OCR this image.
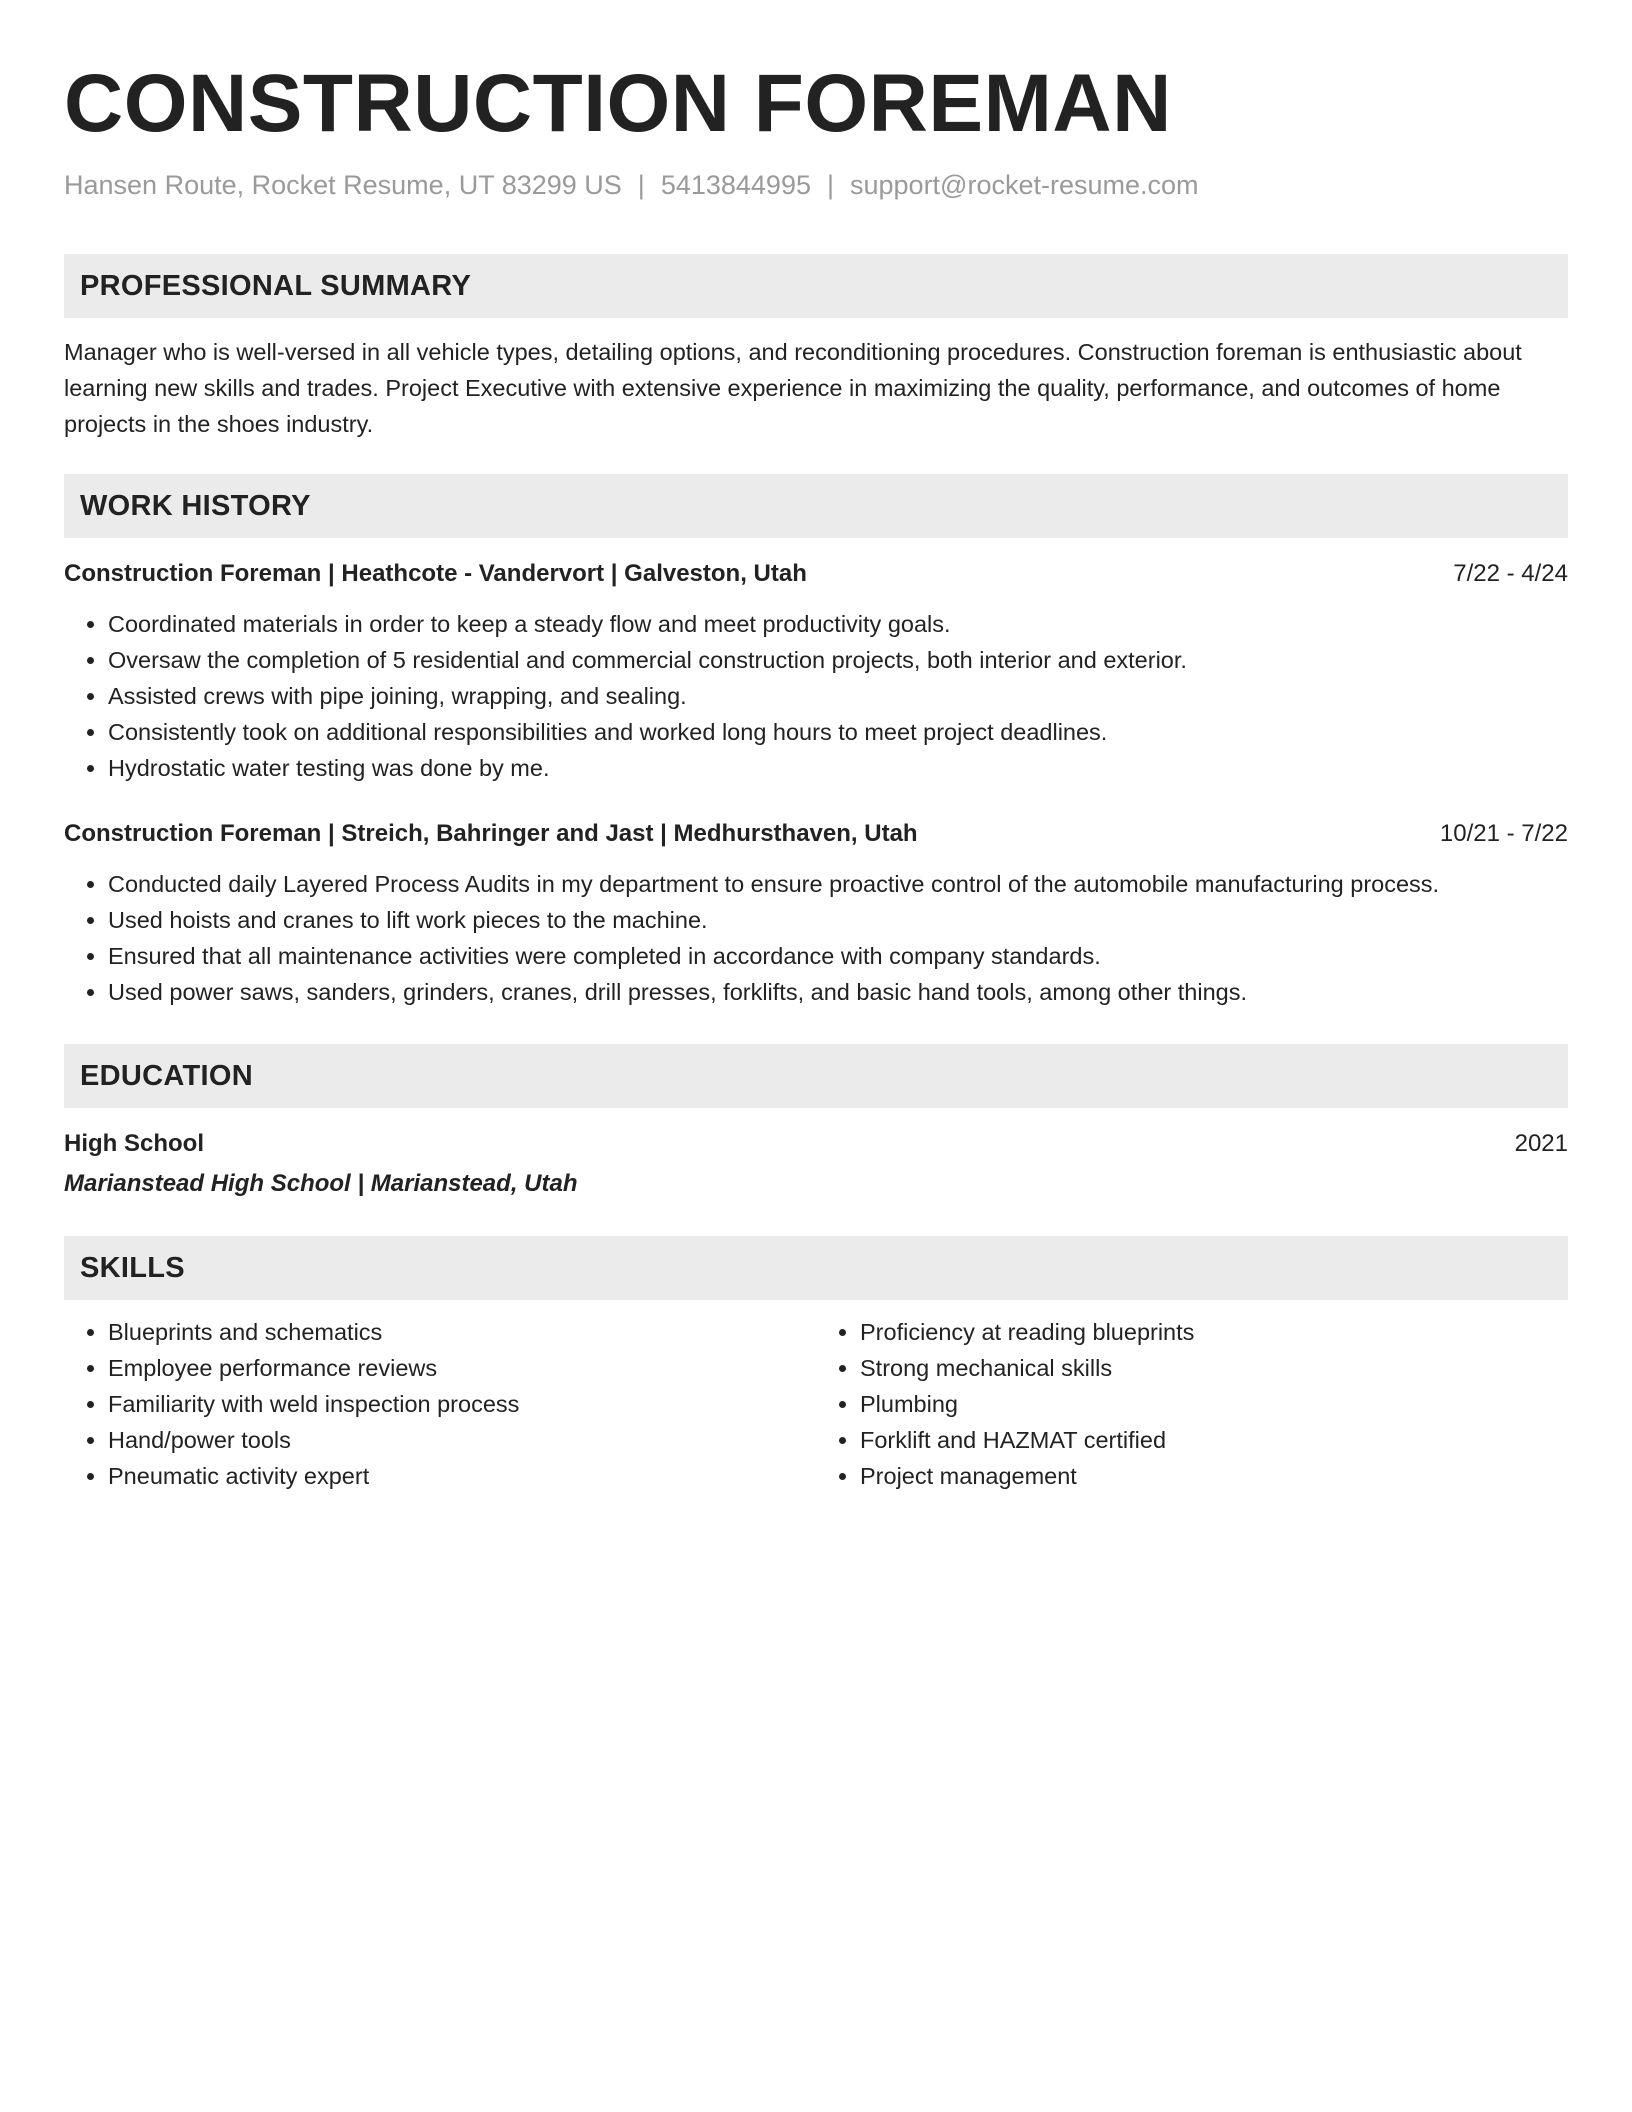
CONSTRUCTION FOREMAN
Hansen Route, Rocket Resume, UT 83299 US | 5413844995 | support@rocket-resume.com
PROFESSIONAL SUMMARY
Manager who is well-versed in all vehicle types, detailing options, and reconditioning procedures. Construction foreman is enthusiastic about learning new skills and trades. Project Executive with extensive experience in maximizing the quality, performance, and outcomes of home projects in the shoes industry.
WORK HISTORY
Construction Foreman | Heathcote - Vandervort | Galveston, Utah	7/22 - 4/24
• Coordinated materials in order to keep a steady flow and meet productivity goals.
• Oversaw the completion of 5 residential and commercial construction projects, both interior and exterior.
• Assisted crews with pipe joining, wrapping, and sealing.
• Consistently took on additional responsibilities and worked long hours to meet project deadlines.
• Hydrostatic water testing was done by me.
Construction Foreman | Streich, Bahringer and Jast | Medhursthaven, Utah	10/21 - 7/22
• Conducted daily Layered Process Audits in my department to ensure proactive control of the automobile manufacturing process.
• Used hoists and cranes to lift work pieces to the machine.
• Ensured that all maintenance activities were completed in accordance with company standards.
• Used power saws, sanders, grinders, cranes, drill presses, forklifts, and basic hand tools, among other things.
EDUCATION
High School	2021
Marianstead High School | Marianstead, Utah
SKILLS
• Blueprints and schematics
• Employee performance reviews
• Familiarity with weld inspection process
• Hand/power tools
• Pneumatic activity expert
• Proficiency at reading blueprints
• Strong mechanical skills
• Plumbing
• Forklift and HAZMAT certified
• Project management
